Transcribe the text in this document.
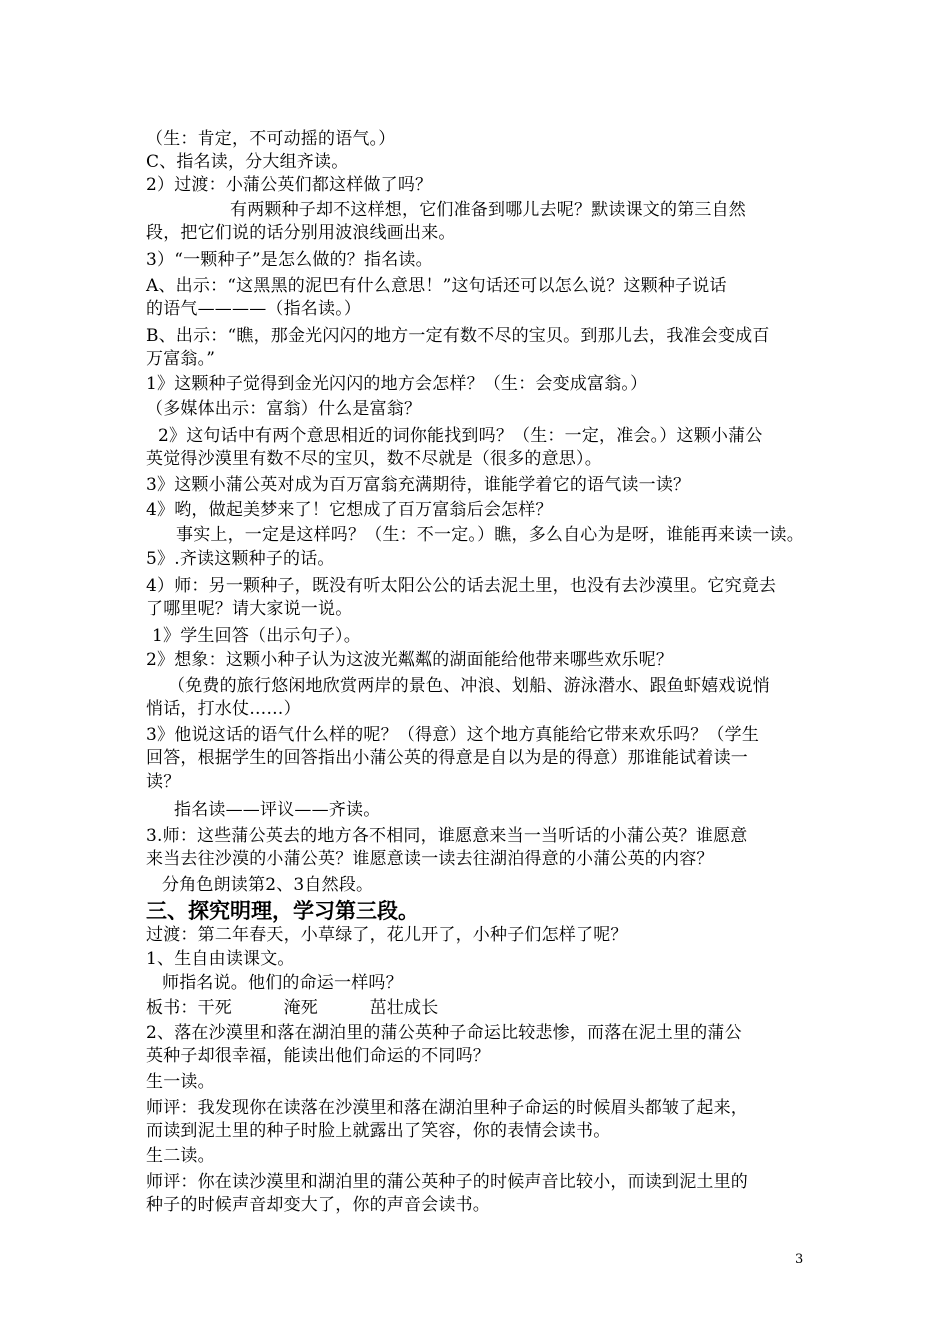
（生：肯定，不可动摇的语气。）
C、指名读，分大组齐读。
2）过渡：小蒲公英们都这样做了吗？
有两颗种子却不这样想，它们准备到哪儿去呢？默读课文的第三自然
段，把它们说的话分别用波浪线画出来。
3）“一颗种子”是怎么做的？指名读。
A、出示：“这黑黑的泥巴有什么意思！”这句话还可以怎么说？这颗种子说话
的语气————（指名读。）
B、出示：“瞧，那金光闪闪的地方一定有数不尽的宝贝。到那儿去，我准会变成百
万富翁。”
1》这颗种子觉得到金光闪闪的地方会怎样？（生：会变成富翁。）
（多媒体出示：富翁）什么是富翁？
2》这句话中有两个意思相近的词你能找到吗？（生：一定，准会。）这颗小蒲公
英觉得沙漠里有数不尽的宝贝，数不尽就是（很多的意思）。
3》这颗小蒲公英对成为百万富翁充满期待，谁能学着它的语气读一读？
4》哟，做起美梦来了！它想成了百万富翁后会怎样？
事实上，一定是这样吗？（生：不一定。）瞧，多么自心为是呀，谁能再来读一读。
5》.齐读这颗种子的话。
4）师：另一颗种子，既没有听太阳公公的话去泥土里，也没有去沙漠里。它究竟去
了哪里呢？请大家说一说。
1》学生回答（出示句子）。
2》想象：这颗小种子认为这波光粼粼的湖面能给他带来哪些欢乐呢？
（免费的旅行悠闲地欣赏两岸的景色、冲浪、划船、游泳潜水、跟鱼虾嬉戏说悄
悄话，打水仗……）
3》他说这话的语气什么样的呢？（得意）这个地方真能给它带来欢乐吗？（学生
回答，根据学生的回答指出小蒲公英的得意是自以为是的得意）那谁能试着读一
读？
指名读——评议——齐读。
3.师：这些蒲公英去的地方各不相同，谁愿意来当一当听话的小蒲公英？谁愿意
来当去往沙漠的小蒲公英？谁愿意读一读去往湖泊得意的小蒲公英的内容？
分角色朗读第2、3自然段。
三、探究明理，学习第三段。
过渡：第二年春天，小草绿了，花儿开了，小种子们怎样了呢？
1、生自由读课文。
师指名说。他们的命运一样吗？
板书：干死　　　淹死　　　茁壮成长
2、落在沙漠里和落在湖泊里的蒲公英种子命运比较悲惨，而落在泥土里的蒲公
英种子却很幸福，能读出他们命运的不同吗？
生一读。
师评：我发现你在读落在沙漠里和落在湖泊里种子命运的时候眉头都皱了起来，
而读到泥土里的种子时脸上就露出了笑容，你的表情会读书。
生二读。
师评：你在读沙漠里和湖泊里的蒲公英种子的时候声音比较小，而读到泥土里的
种子的时候声音却变大了，你的声音会读书。
3
